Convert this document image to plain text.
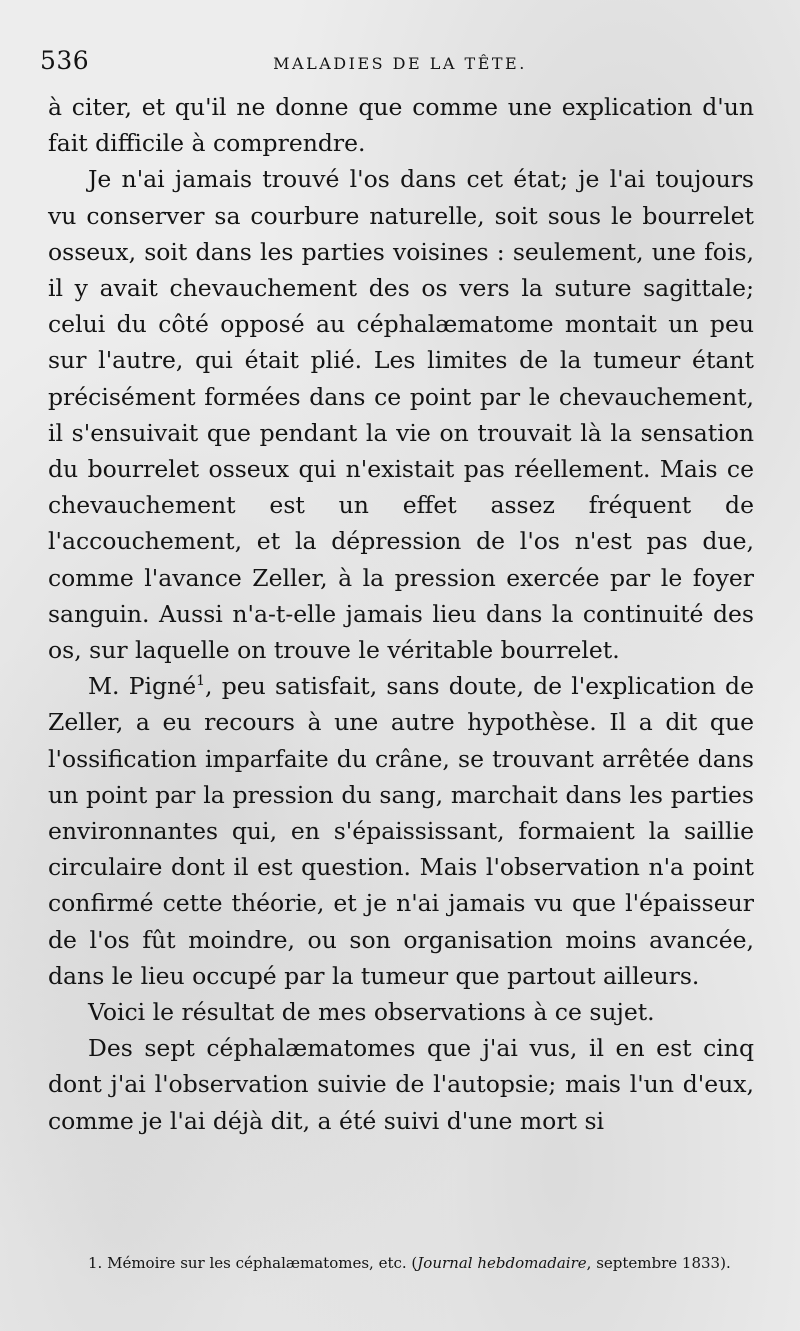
536	MALADIES DE LA TÊTE.

à citer, et qu'il ne donne que comme une explication d'un fait difficile à comprendre.

Je n'ai jamais trouvé l'os dans cet état; je l'ai toujours vu conserver sa courbure naturelle, soit sous le bourrelet osseux, soit dans les parties voisines : seulement, une fois, il y avait chevauchement des os vers la suture sagittale; celui du côté opposé au céphalæmatome montait un peu sur l'autre, qui était plié. Les limites de la tumeur étant précisément formées dans ce point par le chevauchement, il s'ensuivait que pendant la vie on trouvait là la sensation du bourrelet osseux qui n'existait pas réellement. Mais ce chevauchement est un effet assez fréquent de l'accouchement, et la dépression de l'os n'est pas due, comme l'avance Zeller, à la pression exercée par le foyer sanguin. Aussi n'a-t-elle jamais lieu dans la continuité des os, sur laquelle on trouve le véritable bourrelet.

M. Pigné$^1$, peu satisfait, sans doute, de l'explication de Zeller, a eu recours à une autre hypothèse. Il a dit que l'ossification imparfaite du crâne, se trouvant arrêtée dans un point par la pression du sang, marchait dans les parties environnantes qui, en s'épaississant, formaient la saillie circulaire dont il est question. Mais l'observation n'a point confirmé cette théorie, et je n'ai jamais vu que l'épaisseur de l'os fût moindre, ou son organisation moins avancée, dans le lieu occupé par la tumeur que partout ailleurs.

Voici le résultat de mes observations à ce sujet.

Des sept céphalæmatomes que j'ai vus, il en est cinq dont j'ai l'observation suivie de l'autopsie; mais l'un d'eux, comme je l'ai déjà dit, a été suivi d'une mort si

1. Mémoire sur les céphalæmatomes, etc. (Journal hebdomadaire, septembre 1833).
